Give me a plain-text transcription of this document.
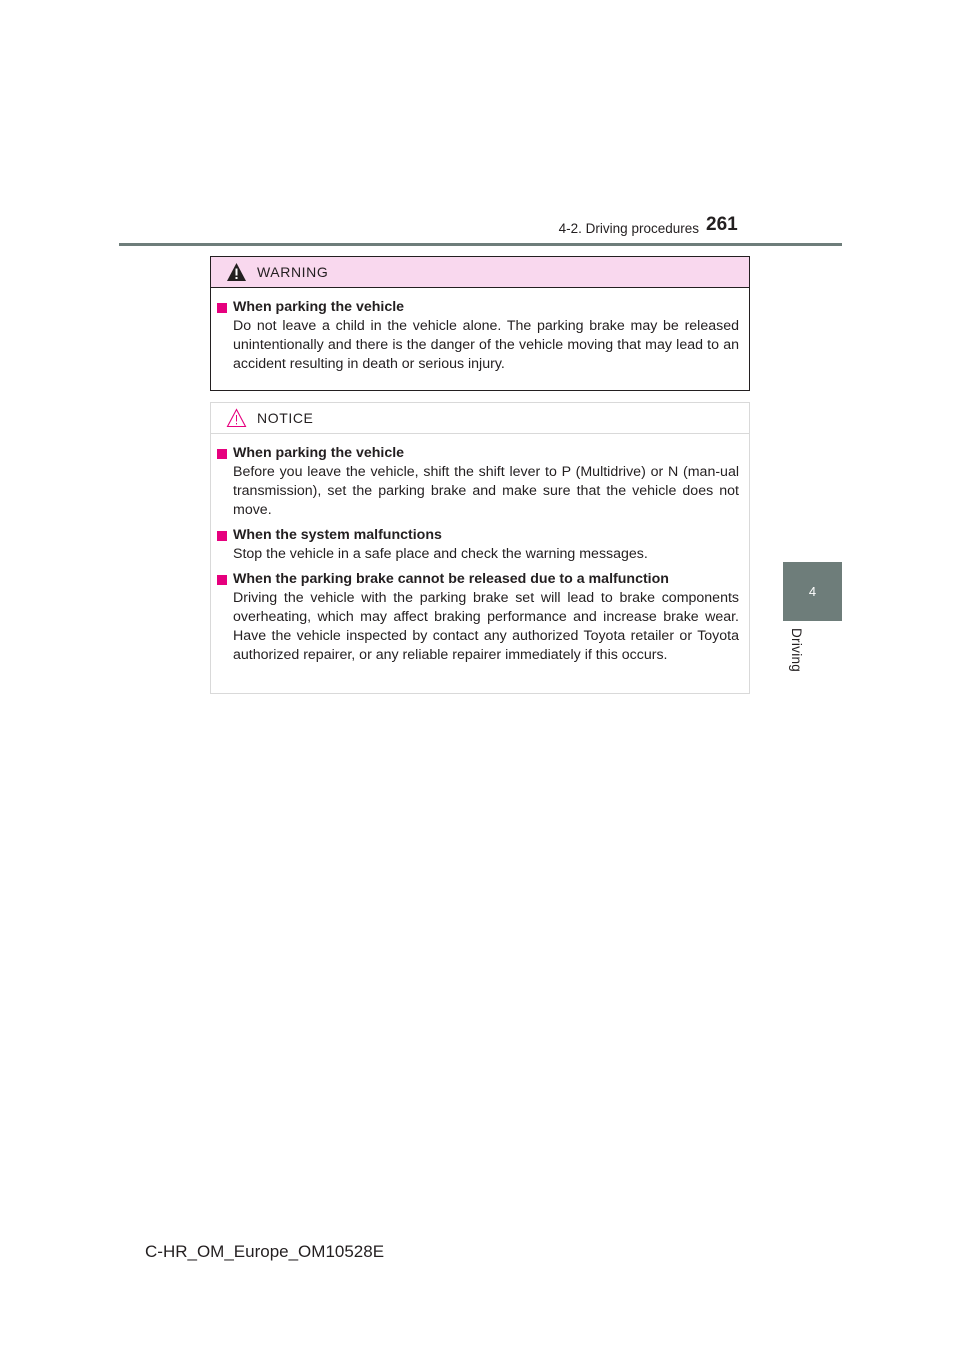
4-2. Driving procedures 261
4
Driving
WARNING
When parking the vehicle

Do not leave a child in the vehicle alone. The parking brake may be released unintentionally and there is the danger of the vehicle moving that may lead to an accident resulting in death or serious injury.

NOTICE
When parking the vehicle

Before you leave the vehicle, shift the shift lever to P (Multidrive) or N (man-ual transmission), set the parking brake and make sure that the vehicle does not move.

When the system malfunctions

Stop the vehicle in a safe place and check the warning messages.

When the parking brake cannot be released due to a malfunction

Driving the vehicle with the parking brake set will lead to brake components overheating, which may affect braking performance and increase brake wear. Have the vehicle inspected by contact any authorized Toyota retailer or Toyota authorized repairer, or any reliable repairer immediately if this occurs.

C-HR_OM_Europe_OM10528E
